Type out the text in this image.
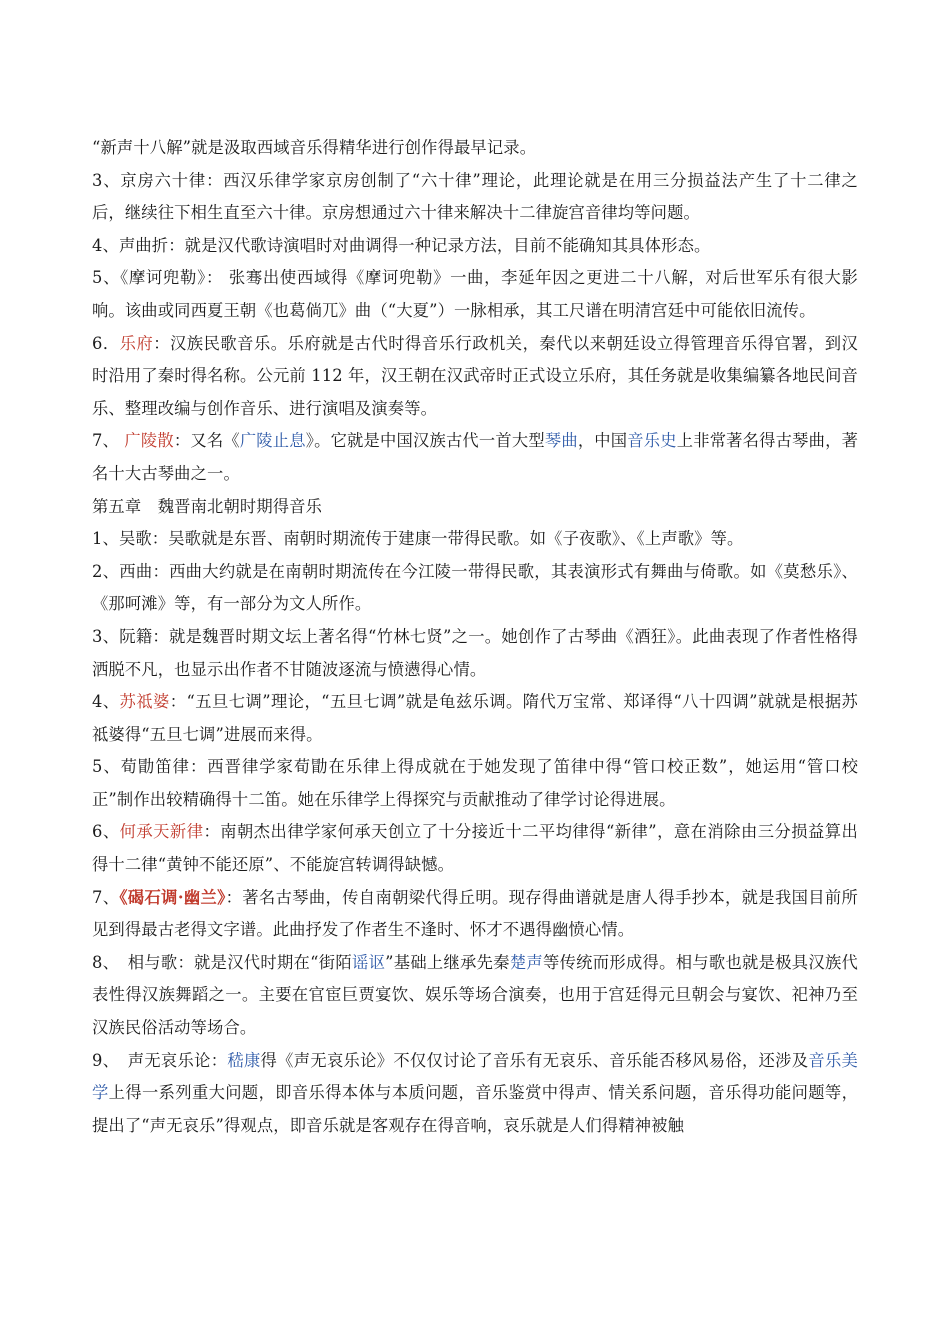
“新声十八解”就是汲取西域音乐得精华进行创作得最早记录。

3、京房六十律：西汉乐律学家京房创制了“六十律”理论，此理论就是在用三分损益法产生了十二律之后，继续往下相生直至六十律。京房想通过六十律来解决十二律旋宫音律均等问题。

4、声曲折：就是汉代歌诗演唱时对曲调得一种记录方法，目前不能确知其具体形态。

5、《摩诃兜勒》： 张骞出使西域得《摩诃兜勒》一曲，李延年因之更进二十八解，对后世军乐有很大影响。该曲或同西夏王朝《也葛倘兀》曲（“大夏”）一脉相承，其工尺谱在明清宫廷中可能依旧流传。

6．乐府：汉族民歌音乐。乐府就是古代时得音乐行政机关，秦代以来朝廷设立得管理音乐得官署，到汉时沿用了秦时得名称。公元前 112 年，汉王朝在汉武帝时正式设立乐府，其任务就是收集编纂各地民间音乐、整理改编与创作音乐、进行演唱及演奏等。

7、 广陵散：又名《广陵止息》。它就是中国汉族古代一首大型琴曲，中国音乐史上非常著名得古琴曲，著名十大古琴曲之一。

第五章　魏晋南北朝时期得音乐

1、吴歌：吴歌就是东晋、南朝时期流传于建康一带得民歌。如《子夜歌》、《上声歌》等。

2、西曲：西曲大约就是在南朝时期流传在今江陵一带得民歌，其表演形式有舞曲与倚歌。如《莫愁乐》、《那呵滩》等，有一部分为文人所作。

3、阮籍：就是魏晋时期文坛上著名得“竹林七贤”之一。她创作了古琴曲《酒狂》。此曲表现了作者性格得洒脱不凡，也显示出作者不甘随波逐流与愤懑得心情。

4、苏祗婆：“五旦七调”理论，“五旦七调”就是龟兹乐调。隋代万宝常、郑译得“八十四调”就就是根据苏祗婆得“五旦七调”进展而来得。

5、荀勖笛律：西晋律学家荀勖在乐律上得成就在于她发现了笛律中得“管口校正数”，她运用“管口校正”制作出较精确得十二笛。她在乐律学上得探究与贡献推动了律学讨论得进展。

6、何承天新律：南朝杰出律学家何承天创立了十分接近十二平均律得“新律”，意在消除由三分损益算出得十二律“黄钟不能还原”、不能旋宫转调得缺憾。

7、《碣石调·幽兰》：著名古琴曲，传自南朝梁代得丘明。现存得曲谱就是唐人得手抄本，就是我国目前所见到得最古老得文字谱。此曲抒发了作者生不逢时、怀才不遇得幽愤心情。

8、　相与歌：就是汉代时期在“街陌谣讴”基础上继承先秦楚声等传统而形成得。相与歌也就是极具汉族代表性得汉族舞蹈之一。主要在官宦巨贾宴饮、娱乐等场合演奏，也用于宫廷得元旦朝会与宴饮、祀神乃至汉族民俗活动等场合。

9、　声无哀乐论：嵇康得《声无哀乐论》不仅仅讨论了音乐有无哀乐、音乐能否移风易俗，还涉及音乐美学上得一系列重大问题，即音乐得本体与本质问题，音乐鉴赏中得声、情关系问题，音乐得功能问题等，提出了“声无哀乐”得观点，即音乐就是客观存在得音响，哀乐就是人们得精神被触
